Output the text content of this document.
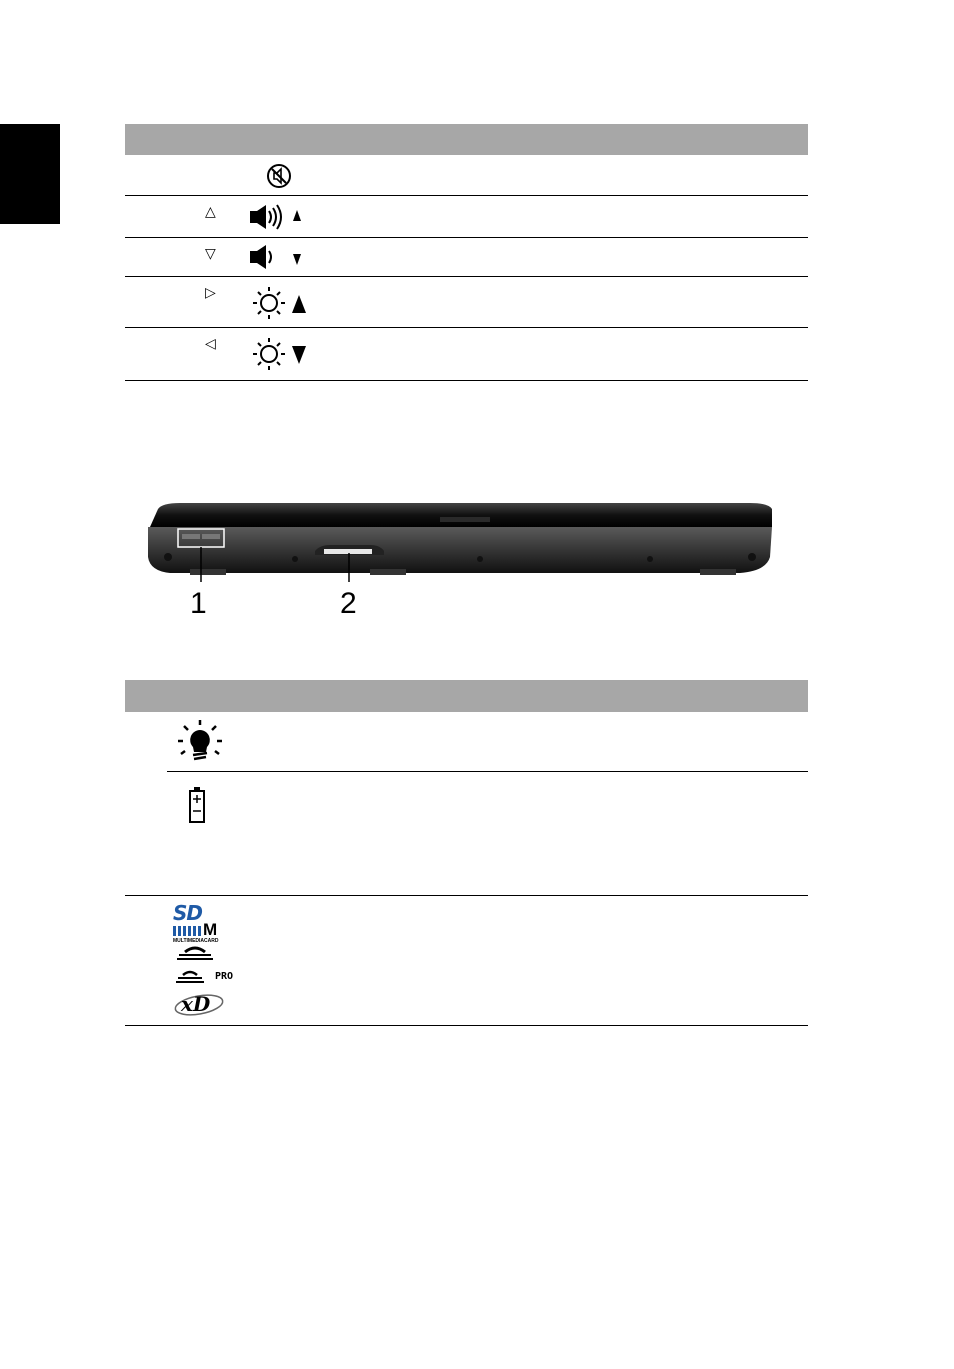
△
▽
▷
◁
1	2
SD
M
MULTIMEDIACARD
PRO
xD
